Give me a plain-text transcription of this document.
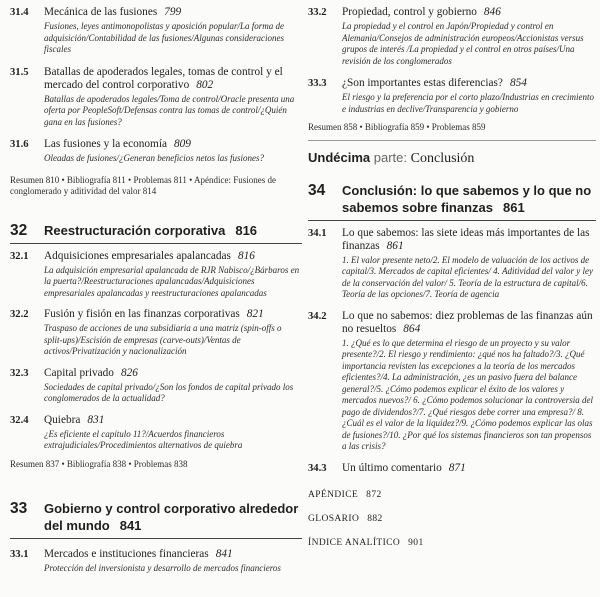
31.4 Mecánica de las fusiones 799
Fusiones, leyes antimonopolistas y aposición popular/La forma de adquisición/Contabilidad de las fusiones/Algunas consideraciones fiscales
31.5 Batallas de apoderados legales, tomas de control y el mercado del control corporativo 802
Batallas de apoderados legales/Toma de control/Oracle presenta una oferta por PeopleSoft/Defensas contra las tomas de control/¿Quién gana en las fusiones?
31.6 Las fusiones y la economía 809
Oleadas de fusiones/¿Generan beneficios netos las fusiones?
Resumen 810 • Bibliografía 811 • Problemas 811 • Apéndice: Fusiones de conglomerado y aditividad del valor 814
32 Reestructuración corporativa 816
32.1 Adquisiciones empresariales apalancadas 816
La adquisición empresarial apalancada de RJR Nabisco/¿Bárbaros en la puerta?/Reestructuraciones apalancadas/Adquisiciones empresariales apalancadas y reestructuraciones apalancadas
32.2 Fusión y fisión en las finanzas corporativas 821
Traspaso de acciones de una subsidiaria a una matriz (spin-offs o split-ups)/Escisión de empresas (carve-outs)/Ventas de activos/Privatización y nacionalización
32.3 Capital privado 826
Sociedades de capital privado/¿Son los fondos de capital privado los conglomerados de la actualidad?
32.4 Quiebra 831
¿Es eficiente el capítulo 11?/Acuerdos financieros extrajudiciales/Procedimientos alternativos de quiebra
Resumen 837 • Bibliografía 838 • Problemas 838
33 Gobierno y control corporativo alrededor del mundo 841
33.1 Mercados e instituciones financieras 841
Protección del inversionista y desarrollo de mercados financieros
33.2 Propiedad, control y gobierno 846
La propiedad y el control en Japón/Propiedad y control en Alemania/Consejos de administración europeos/Accionistas versus grupos de interés /La propiedad y el control en otros países/Una revisión de los conglomerados
33.3 ¿Son importantes estas diferencias? 854
El riesgo y la preferencia por el corto plazo/Industrias en crecimiento e industrias en declive/Transparencia y gobierno
Resumen 858 • Bibliografía 859 • Problemas 859
Undécima parte: Conclusión
34 Conclusión: lo que sabemos y lo que no sabemos sobre finanzas 861
34.1 Lo que sabemos: las siete ideas más importantes de las finanzas 861
1. El valor presente neto/2. El modelo de valuación de los activos de capital/3. Mercados de capital eficientes/ 4. Aditividad del valor y ley de la conservación del valor/ 5. Teoría de la estructura de capital/6. Teoría de las opciones/7. Teoría de agencia
34.2 Lo que no sabemos: diez problemas de las finanzas aún no resueltos 864
1. ¿Qué es lo que determina el riesgo de un proyecto y su valor presente?/2. El riesgo y rendimiento: ¿qué nos ha faltado?/3. ¿Qué importancia revisten las excepciones a la teoría de los mercados eficientes?/4. La administración, ¿es un pasivo fuera del balance general?/5. ¿Cómo podemos explicar el éxito de los valores y mercados nuevos?/ 6. ¿Cómo podemos solucionar la controversia del pago de dividendos?/7. ¿Qué riesgos debe correr una empresa?/ 8. ¿Cuál es el valor de la liquidez?/9. ¿Cómo podemos explicar las olas de fusiones?/10. ¿Por qué los sistemas financieros son tan propensos a las crisis?
34.3 Un último comentario 871
APÉNDICE 872
GLOSARIO 882
ÍNDICE ANALÍTICO 901
